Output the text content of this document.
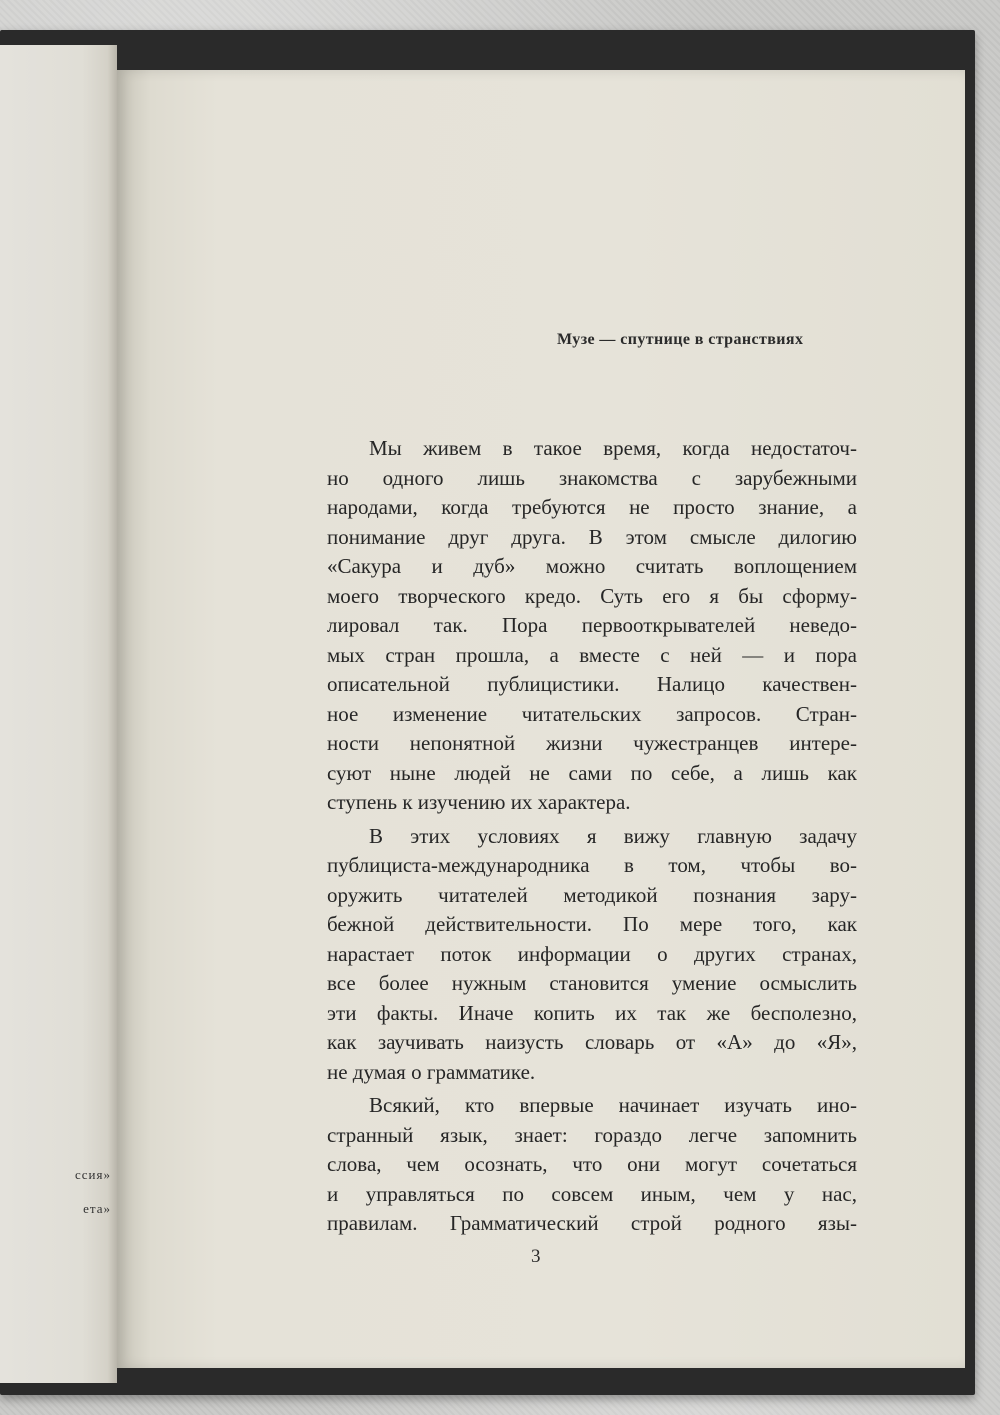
ссия»
ета»
Музе — спутнице в странствиях
Мы живем в такое время, когда недостаточ-
но одного лишь знакомства с зарубежными
народами, когда требуются не просто знание, а
понимание друг друга. В этом смысле дилогию
«Сакура и дуб» можно считать воплощением
моего творческого кредо. Суть его я бы сформу-
лировал так. Пора первооткрывателей неведо-
мых стран прошла, а вместе с ней — и пора
описательной публицистики. Налицо качествен-
ное изменение читательских запросов. Стран-
ности непонятной жизни чужестранцев интере-
суют ныне людей не сами по себе, а лишь как
ступень к изучению их характера.
В этих условиях я вижу главную задачу
публициста-международника в том, чтобы во-
оружить читателей методикой познания зару-
бежной действительности. По мере того, как
нарастает поток информации о других странах,
все более нужным становится умение осмыслить
эти факты. Иначе копить их так же бесполезно,
как заучивать наизусть словарь от «А» до «Я»,
не думая о грамматике.
Всякий, кто впервые начинает изучать ино-
странный язык, знает: гораздо легче запомнить
слова, чем осознать, что они могут сочетаться
и управляться по совсем иным, чем у нас,
правилам. Грамматический строй родного язы-
3
